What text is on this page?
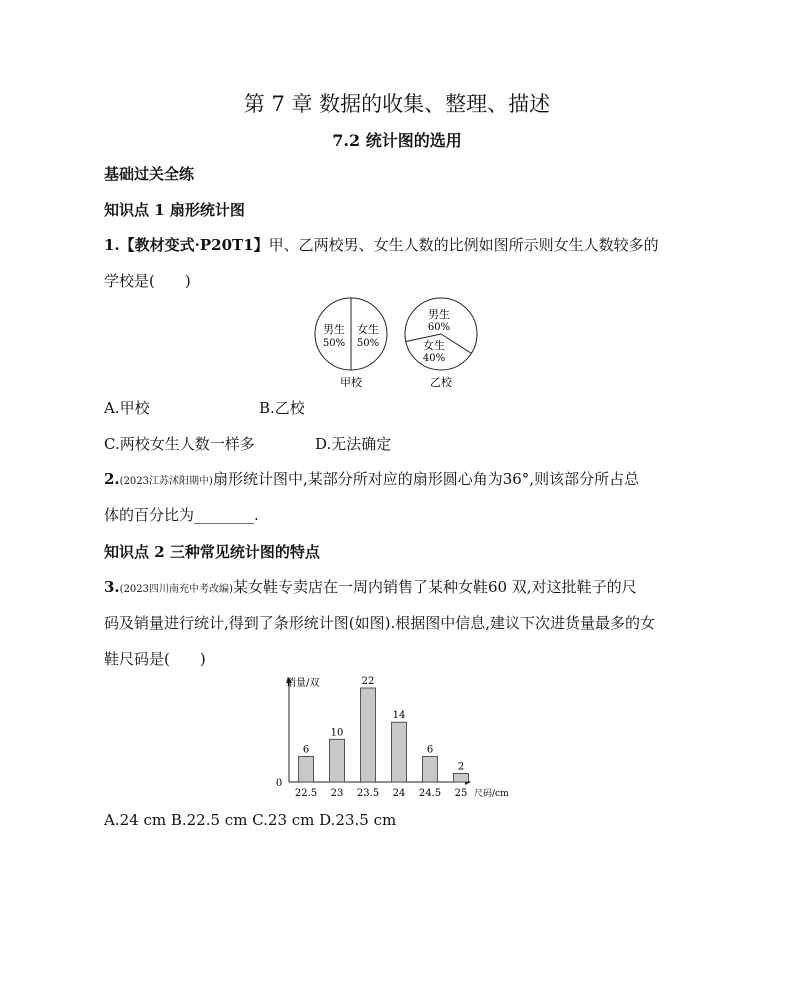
第 7 章 数据的收集、整理、描述
7.2 统计图的选用
基础过关全练
知识点 1 扇形统计图
1.【教材变式·P20T1】甲、乙两校男、女生人数的比例如图所示则女生人数较多的
学校是(　　)
男生
50%
女生
50%
甲校
男生
60%
女生
40%
乙校
A.甲校	B.乙校
C.两校女生人数一样多	D.无法确定
2.(2023江苏沭阳期中)扇形统计图中,某部分所对应的扇形圆心角为36°,则该部分所占总
体的百分比为________.
知识点 2 三种常见统计图的特点
3.(2023四川南充中考改编)某女鞋专卖店在一周内销售了某种女鞋60 双,对这批鞋子的尺
码及销量进行统计,得到了条形统计图(如图).根据图中信息,建议下次进货量最多的女
鞋尺码是(　　)
销量/双
尺码/cm
0
6
22.5
10
23
22
23.5
14
24
6
24.5
2
25
A.24 cm B.22.5 cm C.23 cm D.23.5 cm
